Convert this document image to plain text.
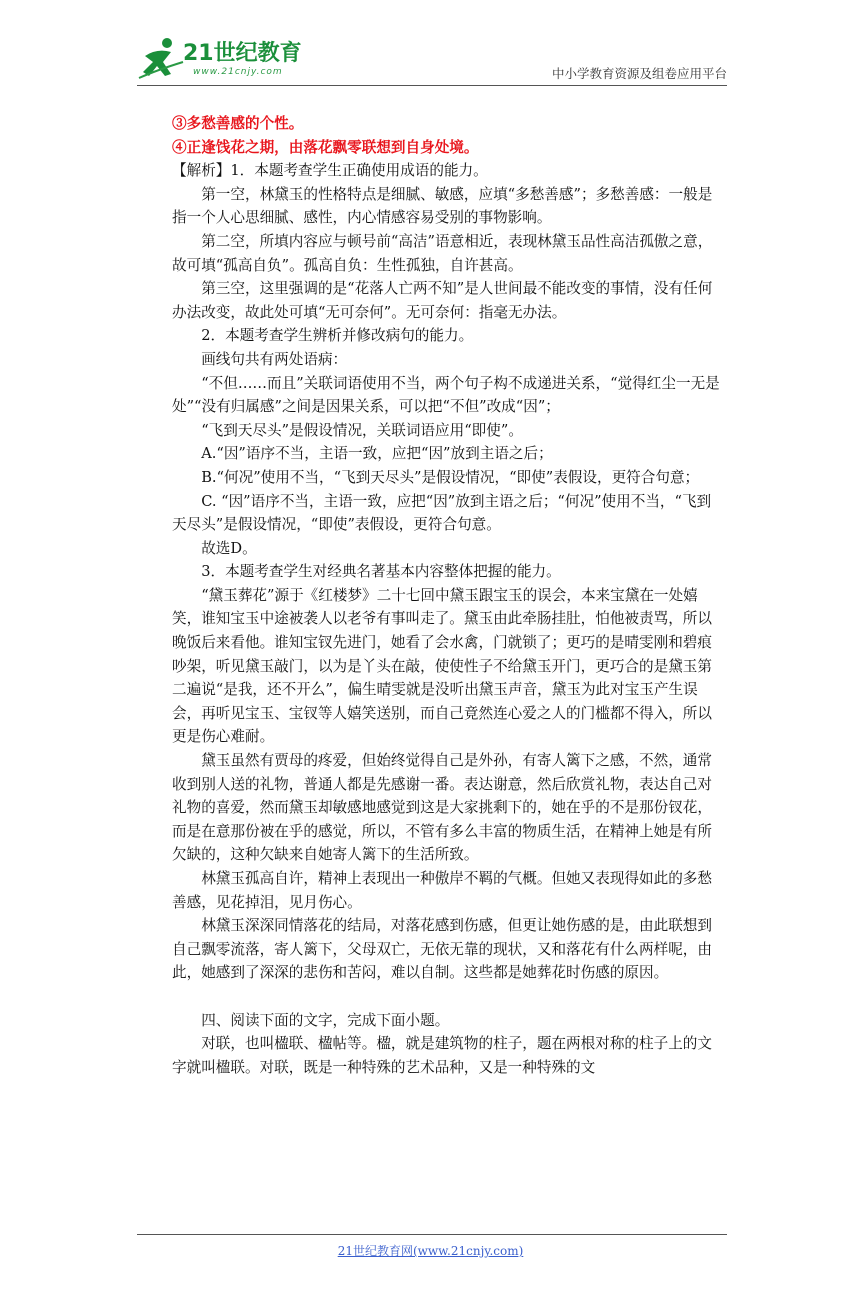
21世纪教育
www.21cnjy.com	中小学教育资源及组卷应用平台

③多愁善感的个性。

④正逢饯花之期，由落花飘零联想到自身处境。

【解析】1．本题考查学生正确使用成语的能力。

第一空，林黛玉的性格特点是细腻、敏感，应填“多愁善感”；多愁善感：一般是指一个人心思细腻、感性，内心情感容易受别的事物影响。

第二空，所填内容应与顿号前“高洁”语意相近，表现林黛玉品性高洁孤傲之意，故可填“孤高自负”。孤高自负：生性孤独，自许甚高。

第三空，这里强调的是“花落人亡两不知”是人世间最不能改变的事情，没有任何办法改变，故此处可填“无可奈何”。无可奈何：指毫无办法。

2．本题考查学生辨析并修改病句的能力。

画线句共有两处语病：

“不但……而且”关联词语使用不当，两个句子构不成递进关系，“觉得红尘一无是处”“没有归属感”之间是因果关系，可以把“不但”改成“因”；

“飞到天尽头”是假设情况，关联词语应用“即使”。

A.“因”语序不当，主语一致，应把“因”放到主语之后；

B.“何况”使用不当，“飞到天尽头”是假设情况，“即使”表假设，更符合句意；

C. “因”语序不当，主语一致，应把“因”放到主语之后；“何况”使用不当，“飞到天尽头”是假设情况，“即使”表假设，更符合句意。

故选D。

3．本题考查学生对经典名著基本内容整体把握的能力。

“黛玉葬花”源于《红楼梦》二十七回中黛玉跟宝玉的误会，本来宝黛在一处嬉笑，谁知宝玉中途被袭人以老爷有事叫走了。黛玉由此牵肠挂肚，怕他被责骂，所以晚饭后来看他。谁知宝钗先进门，她看了会水禽，门就锁了；更巧的是晴雯刚和碧痕吵架，听见黛玉敲门，以为是丫头在敲，使使性子不给黛玉开门，更巧合的是黛玉第二遍说“是我，还不开么”，偏生晴雯就是没听出黛玉声音，黛玉为此对宝玉产生误会，再听见宝玉、宝钗等人嬉笑送别，而自己竟然连心爱之人的门槛都不得入，所以更是伤心难耐。

黛玉虽然有贾母的疼爱，但始终觉得自己是外孙，有寄人篱下之感，不然，通常收到别人送的礼物，普通人都是先感谢一番。表达谢意，然后欣赏礼物，表达自己对礼物的喜爱，然而黛玉却敏感地感觉到这是大家挑剩下的，她在乎的不是那份钗花，而是在意那份被在乎的感觉，所以，不管有多么丰富的物质生活，在精神上她是有所欠缺的，这种欠缺来自她寄人篱下的生活所致。

林黛玉孤高自许，精神上表现出一种傲岸不羁的气概。但她又表现得如此的多愁善感，见花掉泪，见月伤心。

林黛玉深深同情落花的结局，对落花感到伤感，但更让她伤感的是，由此联想到自己飘零流落，寄人篱下，父母双亡，无依无靠的现状，又和落花有什么两样呢，由此，她感到了深深的悲伤和苦闷，难以自制。这些都是她葬花时伤感的原因。

四、阅读下面的文字，完成下面小题。

对联，也叫楹联、楹帖等。楹，就是建筑物的柱子，题在两根对称的柱子上的文字就叫楹联。对联，既是一种特殊的艺术品种，又是一种特殊的文

21世纪教育网(www.21cnjy.com)
